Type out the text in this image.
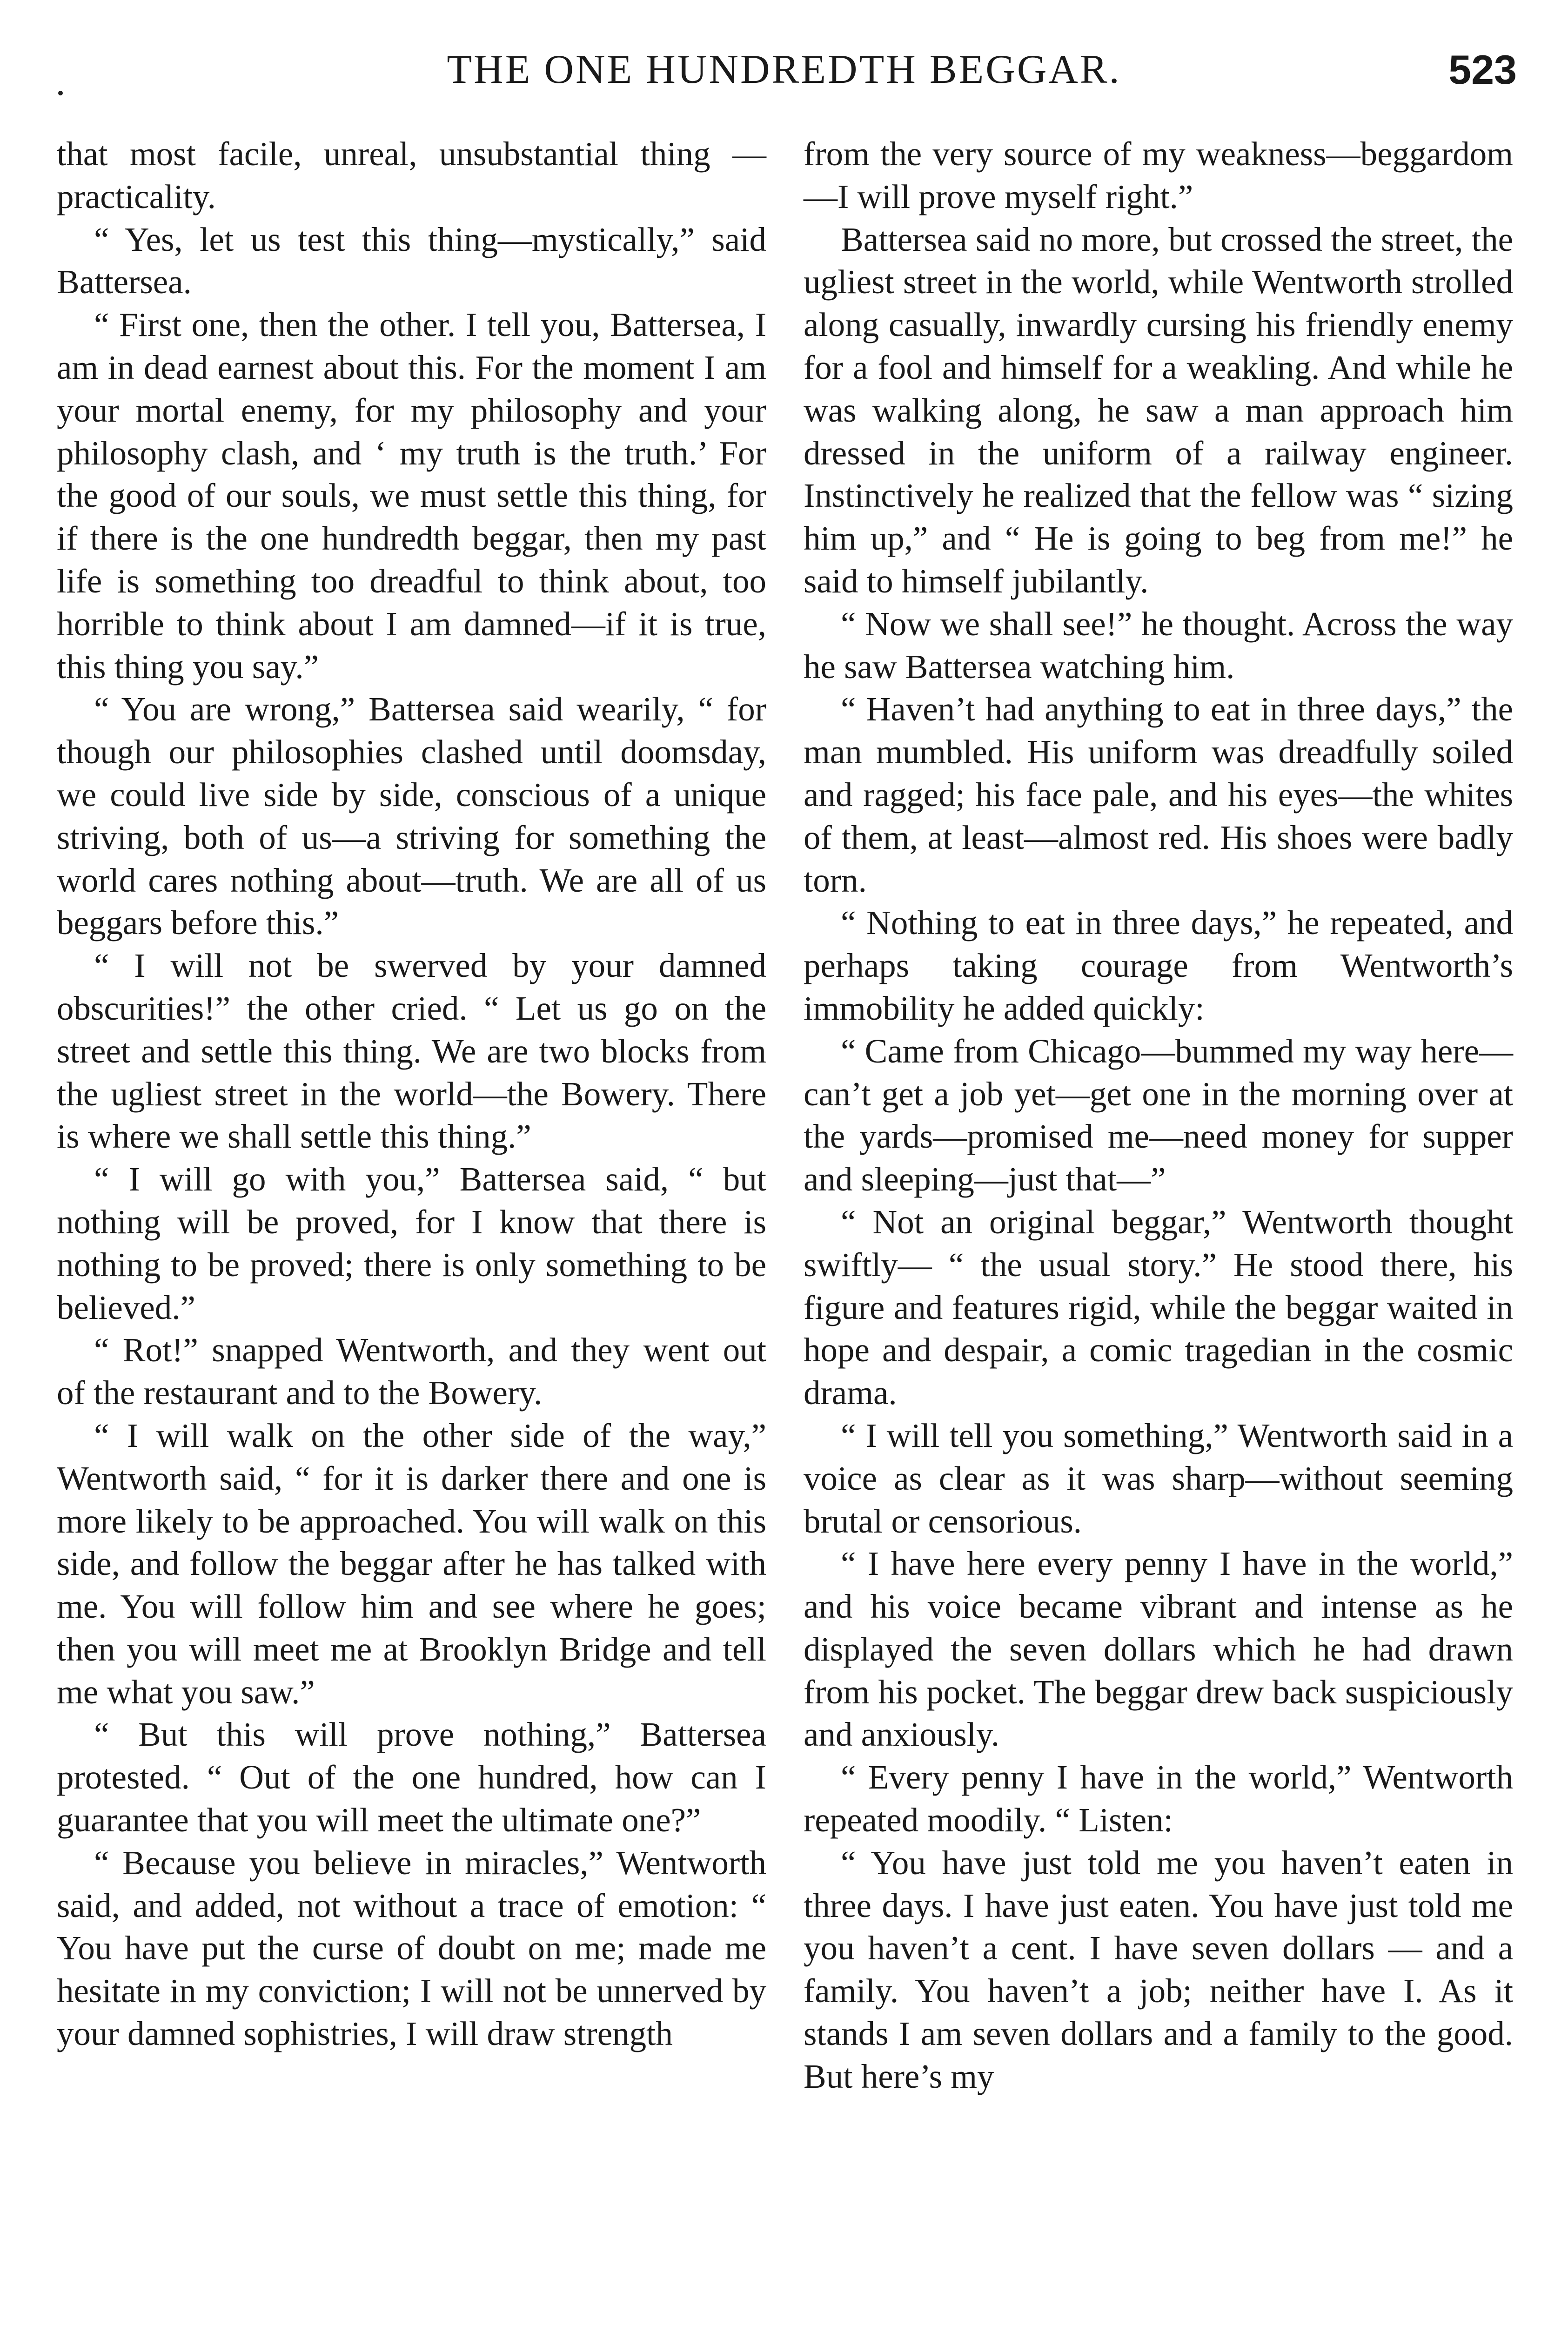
THE ONE HUNDREDTH BEGGAR.	523

that most facile, unreal, unsubstantial thing —practicality.

“ Yes, let us test this thing—mystically,” said Battersea.

“ First one, then the other. I tell you, Battersea, I am in dead earnest about this. For the moment I am your mortal enemy, for my philosophy and your philosophy clash, and ‘ my truth is the truth.’ For the good of our souls, we must settle this thing, for if there is the one hundredth beggar, then my past life is something too dreadful to think about, too horrible to think about I am damned—if it is true, this thing you say.”

“ You are wrong,” Battersea said wearily, “ for though our philosophies clashed until doomsday, we could live side by side, conscious of a unique striving, both of us—a striving for something the world cares nothing about—truth. We are all of us beggars before this.”

“ I will not be swerved by your damned obscurities!” the other cried. “ Let us go on the street and settle this thing. We are two blocks from the ugliest street in the world—the Bowery. There is where we shall settle this thing.”

“ I will go with you,” Battersea said, “ but nothing will be proved, for I know that there is nothing to be proved; there is only something to be believed.”

“ Rot!” snapped Wentworth, and they went out of the restaurant and to the Bowery.

“ I will walk on the other side of the way,” Wentworth said, “ for it is darker there and one is more likely to be approached. You will walk on this side, and follow the beggar after he has talked with me. You will follow him and see where he goes; then you will meet me at Brooklyn Bridge and tell me what you saw.”

“ But this will prove nothing,” Battersea protested. “ Out of the one hundred, how can I guarantee that you will meet the ultimate one?”

“ Because you believe in miracles,” Wentworth said, and added, not without a trace of emotion: “ You have put the curse of doubt on me; made me hesitate in my conviction; I will not be unnerved by your damned sophistries, I will draw strength

from the very source of my weakness—beggardom—I will prove myself right.”

Battersea said no more, but crossed the street, the ugliest street in the world, while Wentworth strolled along casually, inwardly cursing his friendly enemy for a fool and himself for a weakling. And while he was walking along, he saw a man approach him dressed in the uniform of a railway engineer. Instinctively he realized that the fellow was “ sizing him up,” and “ He is going to beg from me!” he said to himself jubilantly.

“ Now we shall see!” he thought. Across the way he saw Battersea watching him.

“ Haven’t had anything to eat in three days,” the man mumbled. His uniform was dreadfully soiled and ragged; his face pale, and his eyes—the whites of them, at least—almost red. His shoes were badly torn.

“ Nothing to eat in three days,” he repeated, and perhaps taking courage from Wentworth’s immobility he added quickly:

“ Came from Chicago—bummed my way here—can’t get a job yet—get one in the morning over at the yards—promised me—need money for supper and sleeping—just that—”

“ Not an original beggar,” Wentworth thought swiftly— “ the usual story.” He stood there, his figure and features rigid, while the beggar waited in hope and despair, a comic tragedian in the cosmic drama.

“ I will tell you something,” Wentworth said in a voice as clear as it was sharp—without seeming brutal or censorious.

“ I have here every penny I have in the world,” and his voice became vibrant and intense as he displayed the seven dollars which he had drawn from his pocket. The beggar drew back suspiciously and anxiously.

“ Every penny I have in the world,” Wentworth repeated moodily. “ Listen:

“ You have just told me you haven’t eaten in three days. I have just eaten. You have just told me you haven’t a cent. I have seven dollars — and a family. You haven’t a job; neither have I. As it stands I am seven dollars and a family to the good. But here’s my
